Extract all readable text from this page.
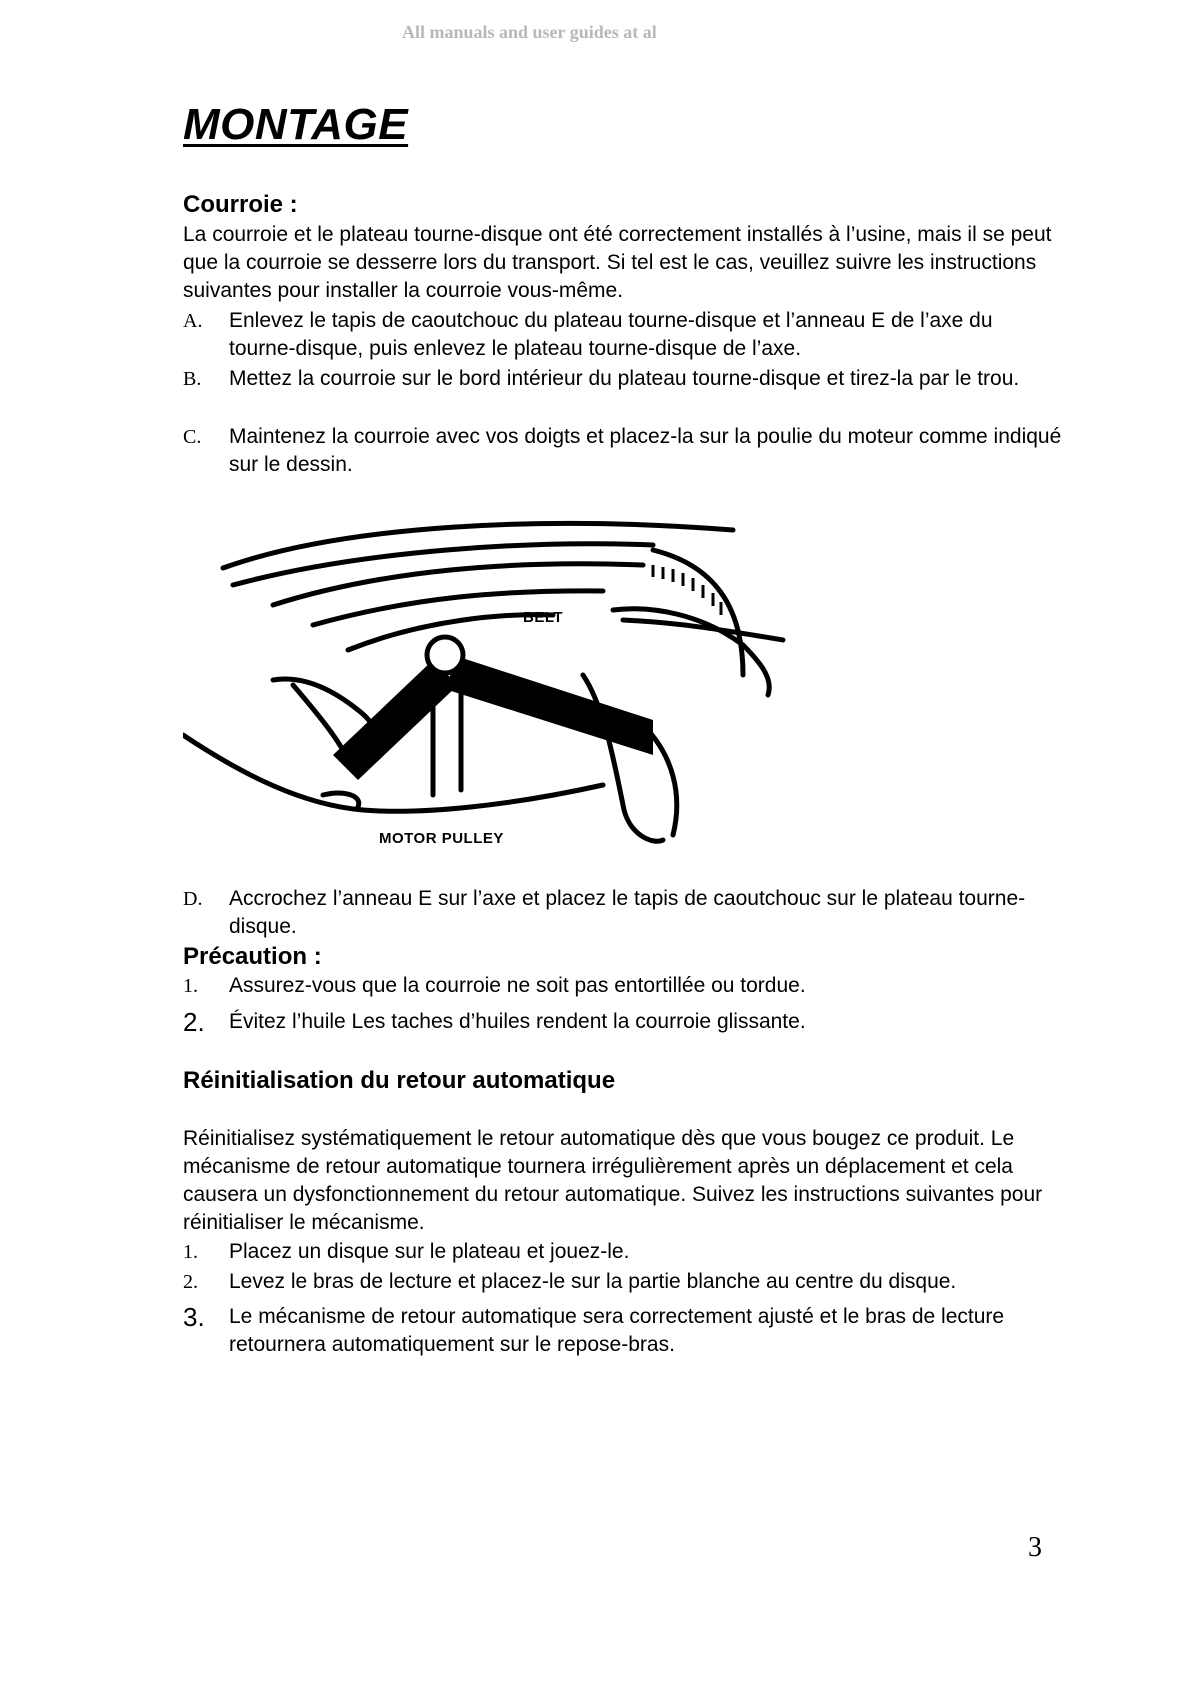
All manuals and user guides at al
MONTAGE
Courroie :

La courroie et le plateau tourne-disque ont été correctement installés à l’usine, mais il se peut que la courroie se desserre lors du transport. Si tel est le cas, veuillez suivre les instructions suivantes pour installer la courroie vous-même.

A. Enlevez le tapis de caoutchouc du plateau tourne-disque et l’anneau E de l’axe du tourne-disque, puis enlevez le plateau tourne-disque de l’axe.
B. Mettez la courroie sur le bord intérieur du plateau tourne-disque et tirez-la par le trou.
C. Maintenez la courroie avec vos doigts et placez-la sur la poulie du moteur comme indiqué sur le dessin.
BELT
MOTOR PULLEY
D. Accrochez l’anneau E sur l’axe et placez le tapis de caoutchouc sur le plateau tourne-disque.
Précaution :
1. Assurez-vous que la courroie ne soit pas entortillée ou tordue.
2. Évitez l’huile Les taches d’huiles rendent la courroie glissante.
Réinitialisation du retour automatique

Réinitialisez systématiquement le retour automatique dès que vous bougez ce produit. Le mécanisme de retour automatique tournera irrégulièrement après un déplacement et cela causera un dysfonctionnement du retour automatique. Suivez les instructions suivantes pour réinitialiser le mécanisme.

1. Placez un disque sur le plateau et jouez-le.
2. Levez le bras de lecture et placez-le sur la partie blanche au centre du disque.
3. Le mécanisme de retour automatique sera correctement ajusté et le bras de lecture retournera automatiquement sur le repose-bras.
3
